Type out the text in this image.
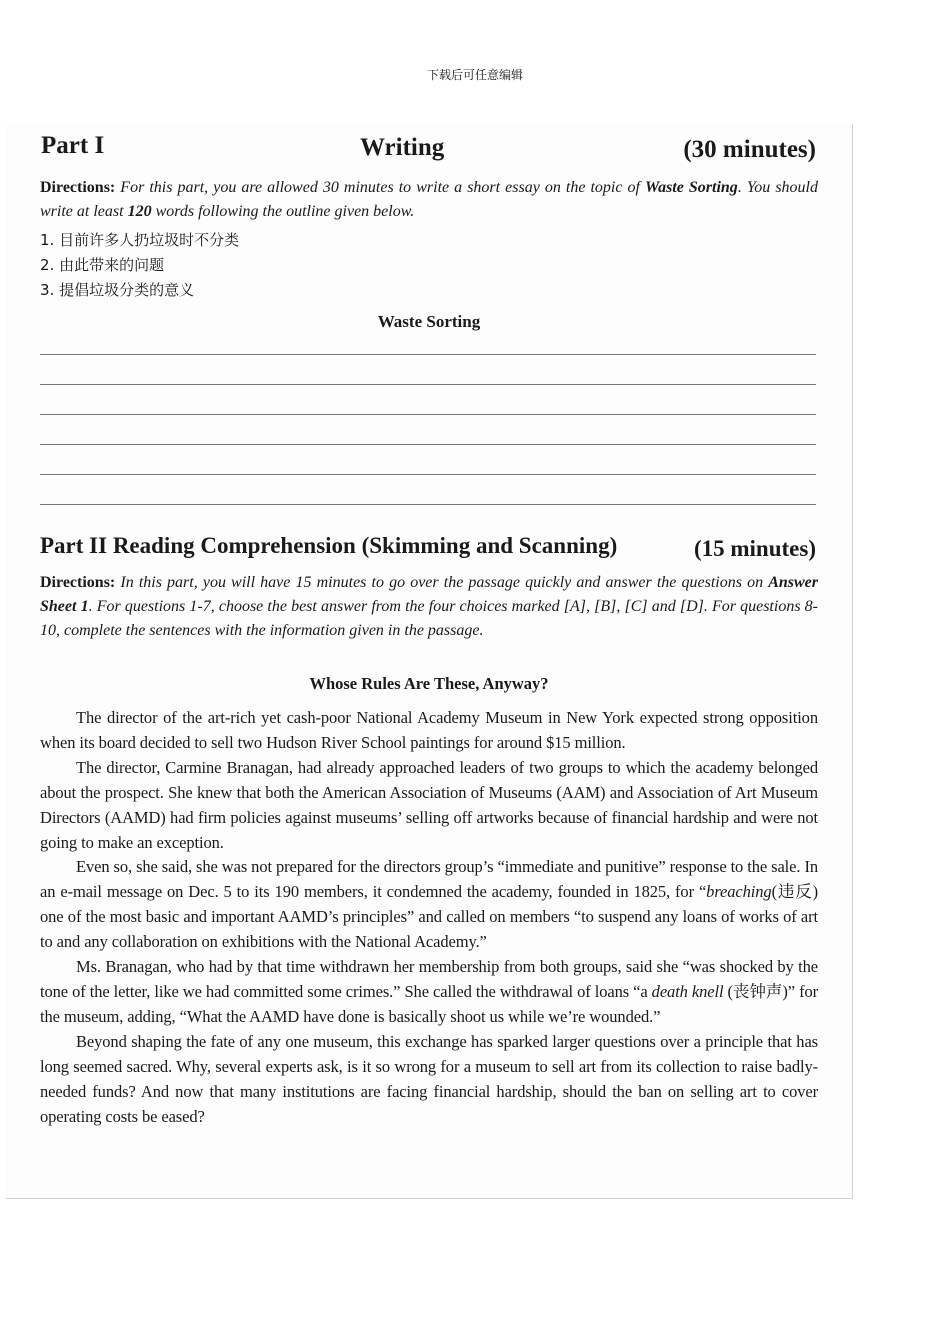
下载后可任意编辑
Part I	Writing	(30 minutes)
Directions: For this part, you are allowed 30 minutes to write a short essay on the topic of Waste Sorting. You should write at least 120 words following the outline given below.
1. 目前许多人扔垃圾时不分类
2. 由此带来的问题
3. 提倡垃圾分类的意义
Waste Sorting
Part II Reading Comprehension (Skimming and Scanning)	(15 minutes)
Directions: In this part, you will have 15 minutes to go over the passage quickly and answer the questions on Answer Sheet 1. For questions 1-7, choose the best answer from the four choices marked [A], [B], [C] and [D]. For questions 8-10, complete the sentences with the information given in the passage.
Whose Rules Are These, Anyway?

The director of the art-rich yet cash-poor National Academy Museum in New York expected strong opposition when its board decided to sell two Hudson River School paintings for around $15 million.

The director, Carmine Branagan, had already approached leaders of two groups to which the academy belonged about the prospect. She knew that both the American Association of Museums (AAM) and Association of Art Museum Directors (AAMD) had firm policies against museums’ selling off artworks because of financial hardship and were not going to make an exception.

Even so, she said, she was not prepared for the directors group’s “immediate and punitive” response to the sale. In an e-mail message on Dec. 5 to its 190 members, it condemned the academy, founded in 1825, for “breaching(违反) one of the most basic and important AAMD’s principles” and called on members “to suspend any loans of works of art to and any collaboration on exhibitions with the National Academy.”

Ms. Branagan, who had by that time withdrawn her membership from both groups, said she “was shocked by the tone of the letter, like we had committed some crimes.” She called the withdrawal of loans “a death knell (丧钟声)” for the museum, adding, “What the AAMD have done is basically shoot us while we’re wounded.”

Beyond shaping the fate of any one museum, this exchange has sparked larger questions over a principle that has long seemed sacred. Why, several experts ask, is it so wrong for a museum to sell art from its collection to raise badly-needed funds? And now that many institutions are facing financial hardship, should the ban on selling art to cover operating costs be eased?
